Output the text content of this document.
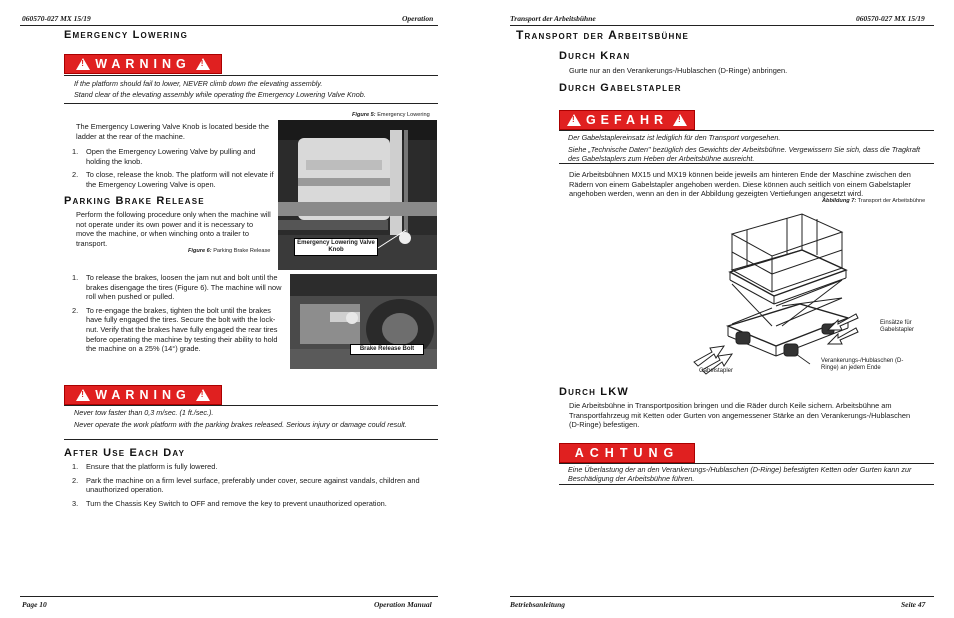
060570-027 MX 15/19	Operation
Emergency Lowering
! WARNING !
If the platform should fail to lower, NEVER climb down the elevating assembly.
Stand clear of the elevating assembly while operating the Emergency Lowering Valve Knob.
Figure 5: Emergency Lowering
The Emergency Lowering Valve Knob is located beside the ladder at the rear of the machine.
1. Open the Emergency Lowering Valve by pulling and holding the knob.
2. To close, release the knob. The platform will not elevate if the Emergency Lowering Valve is open.
Emergency Lowering Valve Knob
Parking Brake Release
Perform the following procedure only when the machine will not operate under its own power and it is necessary to move the machine, or when winching onto a trailer to transport.
Figure 6: Parking Brake Release
1. To release the brakes, loosen the jam nut and bolt until the brakes disengage the tires (Figure 6). The machine will now roll when pushed or pulled.
2. To re-engage the brakes, tighten the bolt until the brakes have fully engaged the tires. Secure the bolt with the lock-nut. Verify that the brakes have fully engaged the rear tires before operating the machine by testing their ability to hold the machine on a 25% (14°) grade.	Brake Release Bolt
! WARNING !
Never tow faster than 0,3 m/sec. (1 ft./sec.).
Never operate the work platform with the parking brakes released. Serious injury or damage could result.
After Use Each Day
1. Ensure that the platform is fully lowered.
2. Park the machine on a firm level surface, preferably under cover, secure against vandals, children and unauthorized operation.
3. Turn the Chassis Key Switch to OFF and remove the key to prevent unauthorized operation.
Page 10	Operation Manual
Transport der Arbeitsbühne	060570-027 MX 15/19
Transport der Arbeitsbühne
Durch Kran
Gurte nur an den Verankerungs-/Hublaschen (D-Ringe) anbringen.
Durch Gabelstapler
! GEFAHR !
Der Gabelstaplereinsatz ist lediglich für den Transport vorgesehen.
Siehe „Technische Daten" bezüglich des Gewichts der Arbeitsbühne. Vergewissern Sie sich, dass die Tragkraft des Gabelstaplers zum Heben der Arbeitsbühne ausreicht.
Die Arbeitsbühnen MX15 und MX19 können beide jeweils am hinteren Ende der Maschine zwischen den Rädern von einem Gabelstapler angehoben werden. Diese können auch seitlich von einem Gabelstapler angehoben werden, wenn an den in der Abbildung gezeigten Vertiefungen angesetzt wird.
Abbildung 7: Transport der Arbeitsbühne
Einsätze für Gabelstapler
Gabelstapler
Verankerungs-/Hublaschen (D-Ringe) an jedem Ende
Durch LKW
Die Arbeitsbühne in Transportposition bringen und die Räder durch Keile sichern. Arbeitsbühne am Transportfahrzeug mit Ketten oder Gurten von angemessener Stärke an den Verankerungs-/Hublaschen (D-Ringe) befestigen.
ACHTUNG
Eine Überlastung der an den Verankerungs-/Hublaschen (D-Ringe) befestigten Ketten oder Gurten kann zur Beschädigung der Arbeitsbühne führen.
Betriebsanleitung	Seite 47
